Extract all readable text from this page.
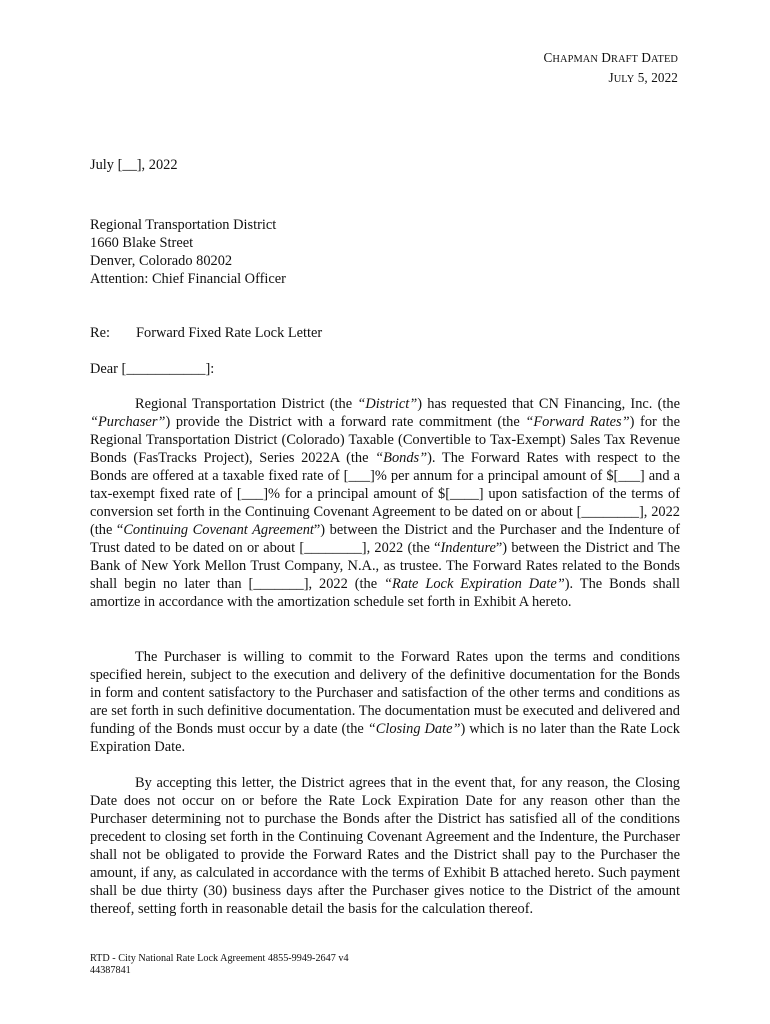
CHAPMAN DRAFT DATED
JULY 5, 2022
July [__], 2022
Regional Transportation District
1660 Blake Street
Denver, Colorado 80202
Attention: Chief Financial Officer
Re:	Forward Fixed Rate Lock Letter
Dear [___________]:
Regional Transportation District (the “District”) has requested that CN Financing, Inc. (the “Purchaser”) provide the District with a forward rate commitment (the “Forward Rates”) for the Regional Transportation District (Colorado) Taxable (Convertible to Tax-Exempt) Sales Tax Revenue Bonds (FasTracks Project), Series 2022A (the “Bonds”). The Forward Rates with respect to the Bonds are offered at a taxable fixed rate of [___]% per annum for a principal amount of $[___] and a tax-exempt fixed rate of [___]% for a principal amount of $[____] upon satisfaction of the terms of conversion set forth in the Continuing Covenant Agreement to be dated on or about [________], 2022 (the “Continuing Covenant Agreement”) between the District and the Purchaser and the Indenture of Trust dated to be dated on or about [________], 2022 (the “Indenture”) between the District and The Bank of New York Mellon Trust Company, N.A., as trustee. The Forward Rates related to the Bonds shall begin no later than [_______], 2022 (the “Rate Lock Expiration Date”). The Bonds shall amortize in accordance with the amortization schedule set forth in Exhibit A hereto.
The Purchaser is willing to commit to the Forward Rates upon the terms and conditions specified herein, subject to the execution and delivery of the definitive documentation for the Bonds in form and content satisfactory to the Purchaser and satisfaction of the other terms and conditions as are set forth in such definitive documentation. The documentation must be executed and delivered and funding of the Bonds must occur by a date (the “Closing Date”) which is no later than the Rate Lock Expiration Date.
By accepting this letter, the District agrees that in the event that, for any reason, the Closing Date does not occur on or before the Rate Lock Expiration Date for any reason other than the Purchaser determining not to purchase the Bonds after the District has satisfied all of the conditions precedent to closing set forth in the Continuing Covenant Agreement and the Indenture, the Purchaser shall not be obligated to provide the Forward Rates and the District shall pay to the Purchaser the amount, if any, as calculated in accordance with the terms of Exhibit B attached hereto. Such payment shall be due thirty (30) business days after the Purchaser gives notice to the District of the amount thereof, setting forth in reasonable detail the basis for the calculation thereof.
RTD - City National Rate Lock Agreement 4855-9949-2647 v4
44387841
